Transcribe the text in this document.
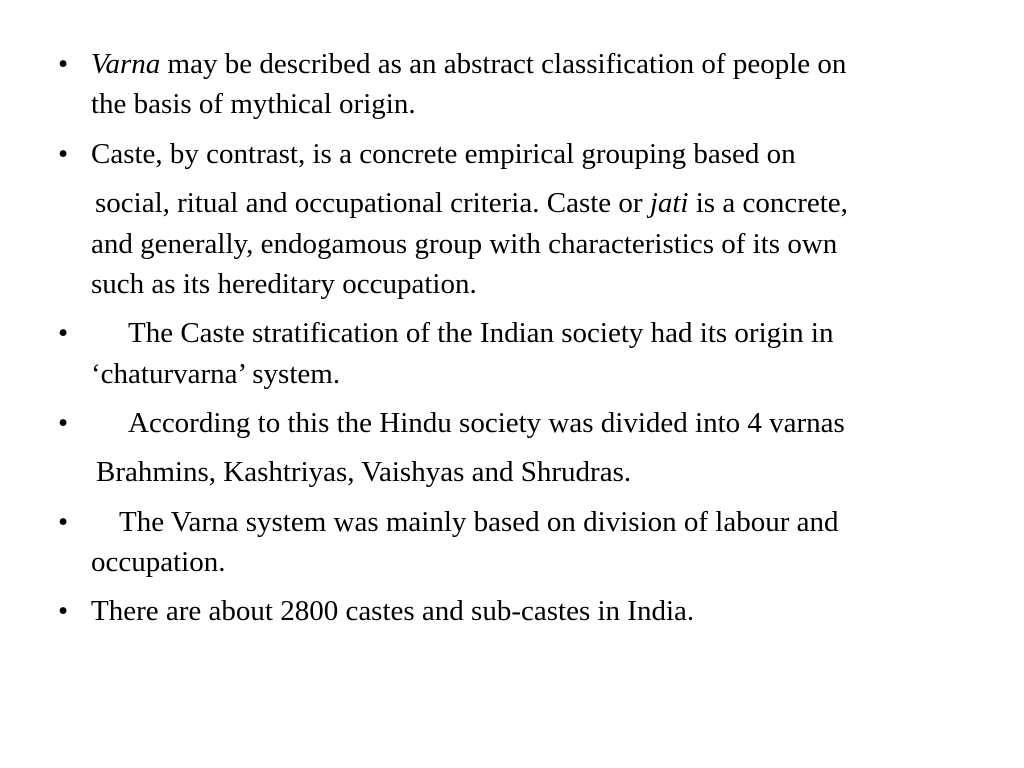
• Varna may be described as an abstract classification of people on
the basis of mythical origin.
• Caste, by contrast, is a concrete empirical grouping based on
social, ritual and occupational criteria. Caste or jati is a concrete,
and generally, endogamous group with characteristics of its own
such as its hereditary occupation.
• The Caste stratification of the Indian society had its origin in
‘chaturvarna’ system.
• According to this the Hindu society was divided into 4 varnas
Brahmins, Kashtriyas, Vaishyas and Shrudras.
• The Varna system was mainly based on division of labour and
occupation.
• There are about 2800 castes and sub-castes in India.
